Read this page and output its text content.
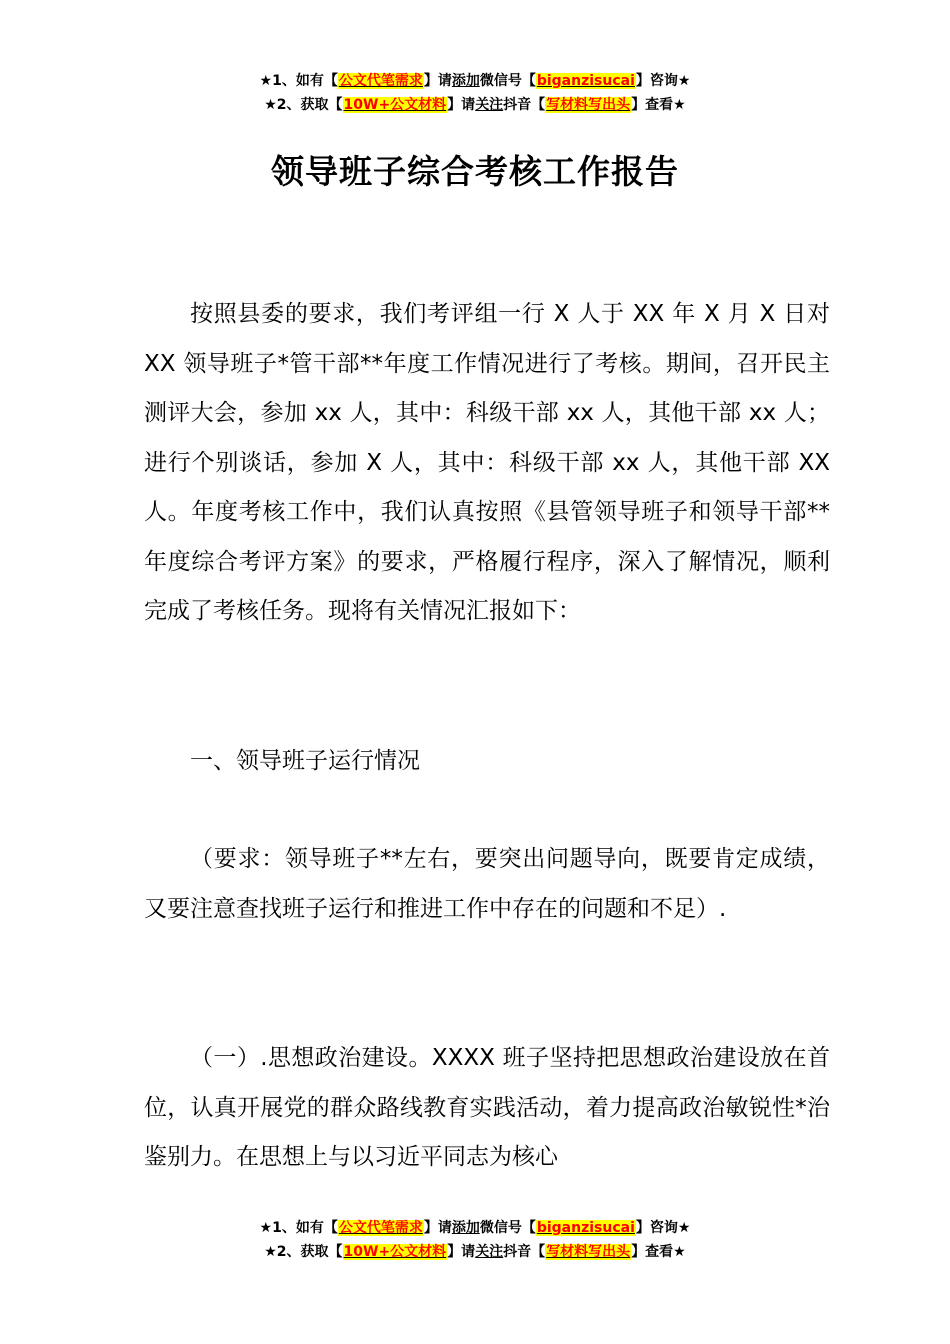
★1、如有【公文代笔需求】请添加微信号【biganzisucai】咨询★
★2、获取【10W+公文材料】请关注抖音【写材料写出头】查看★
领导班子综合考核工作报告

按照县委的要求，我们考评组一行 X 人于 XX 年 X 月 X 日对 XX 领导班子*管干部**年度工作情况进行了考核。期间，召开民主测评大会，参加 xx 人，其中：科级干部 xx 人，其他干部 xx 人；进行个别谈话，参加 X 人，其中：科级干部 xx 人，其他干部 XX 人。年度考核工作中，我们认真按照《县管领导班子和领导干部**年度综合考评方案》的要求，严格履行程序，深入了解情况，顺利完成了考核任务。现将有关情况汇报如下：

一、领导班子运行情况

（要求：领导班子**左右，要突出问题导向，既要肯定成绩，又要注意查找班子运行和推进工作中存在的问题和不足）.

（一）.思想政治建设。XXXX 班子坚持把思想政治建设放在首位，认真开展党的群众路线教育实践活动，着力提高政治敏锐性*治鉴别力。在思想上与以习近平同志为核心

★1、如有【公文代笔需求】请添加微信号【biganzisucai】咨询★
★2、获取【10W+公文材料】请关注抖音【写材料写出头】查看★
